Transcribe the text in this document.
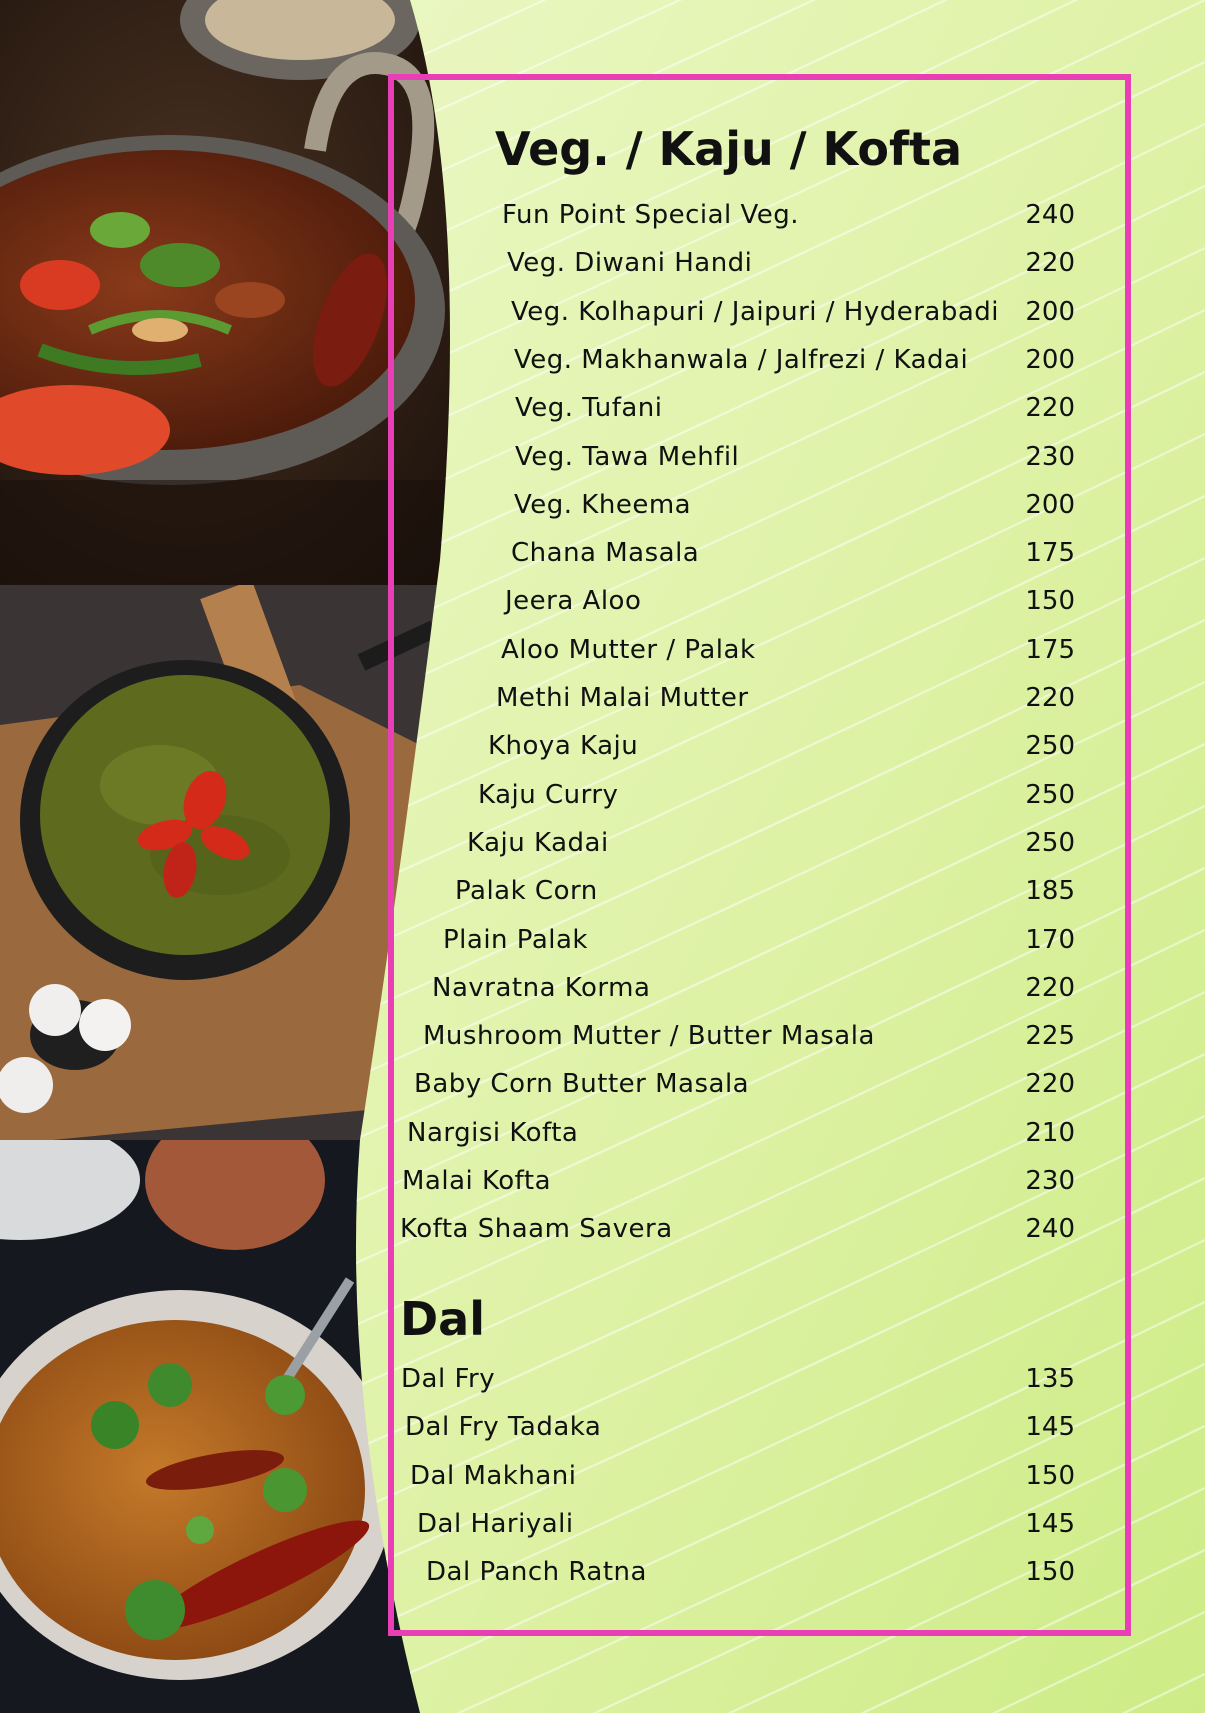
Veg. / Kaju / Kofta
Fun Point Special Veg.	240
Veg. Diwani Handi	220
Veg. Kolhapuri / Jaipuri / Hyderabadi	200
Veg. Makhanwala / Jalfrezi / Kadai	200
Veg. Tufani	220
Veg. Tawa Mehfil	230
Veg. Kheema	200
Chana Masala	175
Jeera Aloo	150
Aloo Mutter / Palak	175
Methi Malai Mutter	220
Khoya Kaju	250
Kaju Curry	250
Kaju Kadai	250
Palak Corn	185
Plain Palak	170
Navratna Korma	220
Mushroom Mutter / Butter Masala	225
Baby Corn Butter Masala	220
Nargisi Kofta	210
Malai Kofta	230
Kofta Shaam Savera	240
Dal
Dal Fry	135
Dal Fry Tadaka	145
Dal Makhani	150
Dal Hariyali	145
Dal Panch Ratna	150
